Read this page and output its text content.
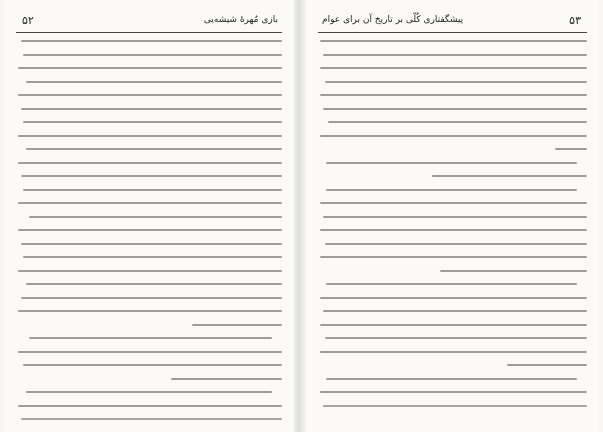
۵۲	بازی مُهرهٔ شیشه‌یی	پیشگفتاری کُلّی بر تاریخ آن برای عوام	۵۳
